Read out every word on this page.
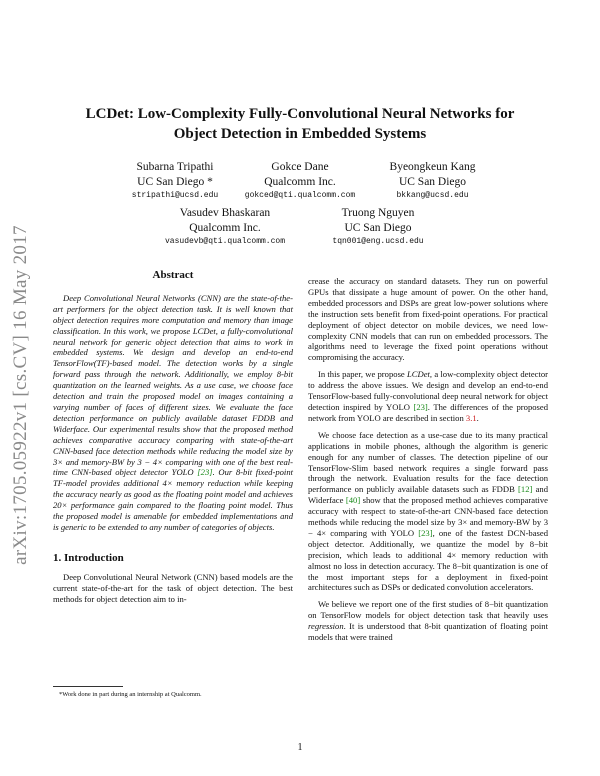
arXiv:1705.05922v1 [cs.CV] 16 May 2017
LCDet: Low-Complexity Fully-Convolutional Neural Networks for
Object Detection in Embedded Systems
Subarna Tripathi
UC San Diego *
stripathi@ucsd.edu
Gokce Dane
Qualcomm Inc.
gokced@qti.qualcomm.com
Byeongkeun Kang
UC San Diego
bkkang@ucsd.edu
Vasudev Bhaskaran
Qualcomm Inc.
vasudevb@qti.qualcomm.com
Truong Nguyen
UC San Diego
tqn001@eng.ucsd.edu
Abstract

Deep Convolutional Neural Networks (CNN) are the state-of-the-art performers for the object detection task. It is well known that object detection requires more computation and memory than image classification. In this work, we propose LCDet, a fully-convolutional neural network for generic object detection that aims to work in embedded systems. We design and develop an end-to-end TensorFlow(TF)-based model. The detection works by a single forward pass through the network. Additionally, we employ 8-bit quantization on the learned weights. As a use case, we choose face detection and train the proposed model on images containing a varying number of faces of different sizes. We evaluate the face detection performance on publicly available dataset FDDB and Widerface. Our experimental results show that the proposed method achieves comparative accuracy comparing with state-of-the-art CNN-based face detection methods while reducing the model size by 3× and memory-BW by 3 − 4× comparing with one of the best real-time CNN-based object detector YOLO [23]. Our 8-bit fixed-point TF-model provides additional 4× memory reduction while keeping the accuracy nearly as good as the floating point model and achieves 20× performance gain compared to the floating point model. Thus the proposed model is amenable for embedded implementations and is generic to be extended to any number of categories of objects.

1. Introduction

Deep Convolutional Neural Network (CNN) based models are the current state-of-the-art for the task of object detection. The best methods for object detection aim to in-

*Work done in part during an internship at Qualcomm.

crease the accuracy on standard datasets. They run on powerful GPUs that dissipate a huge amount of power. On the other hand, embedded processors and DSPs are great low-power solutions where the instruction sets benefit from fixed-point operations. For practical deployment of object detector on mobile devices, we need low-complexity CNN models that can run on embedded processors. The algorithms need to leverage the fixed point operations without compromising the accuracy.

In this paper, we propose LCDet, a low-complexity object detector to address the above issues. We design and develop an end-to-end TensorFlow-based fully-convolutional deep neural network for object detection inspired by YOLO [23]. The differences of the proposed network from YOLO are described in section 3.1.

We choose face detection as a use-case due to its many practical applications in mobile phones, although the algorithm is generic enough for any number of classes. The detection pipeline of our TensorFlow-Slim based network requires a single forward pass through the network. Evaluation results for the face detection performance on publicly available datasets such as FDDB [12] and Widerface [40] show that the proposed method achieves comparative accuracy with respect to state-of-the-art CNN-based face detection methods while reducing the model size by 3× and memory-BW by 3 − 4× comparing with YOLO [23], one of the fastest DCN-based object detector. Additionally, we quantize the model by 8−bit precision, which leads to additional 4× memory reduction with almost no loss in detection accuracy. The 8−bit quantization is one of the most important steps for a deployment in fixed-point architectures such as DSPs or dedicated convolution accelerators.

We believe we report one of the first studies of 8−bit quantization on TensorFlow models for object detection task that heavily uses regression. It is understood that 8-bit quantization of floating point models that were trained

1
